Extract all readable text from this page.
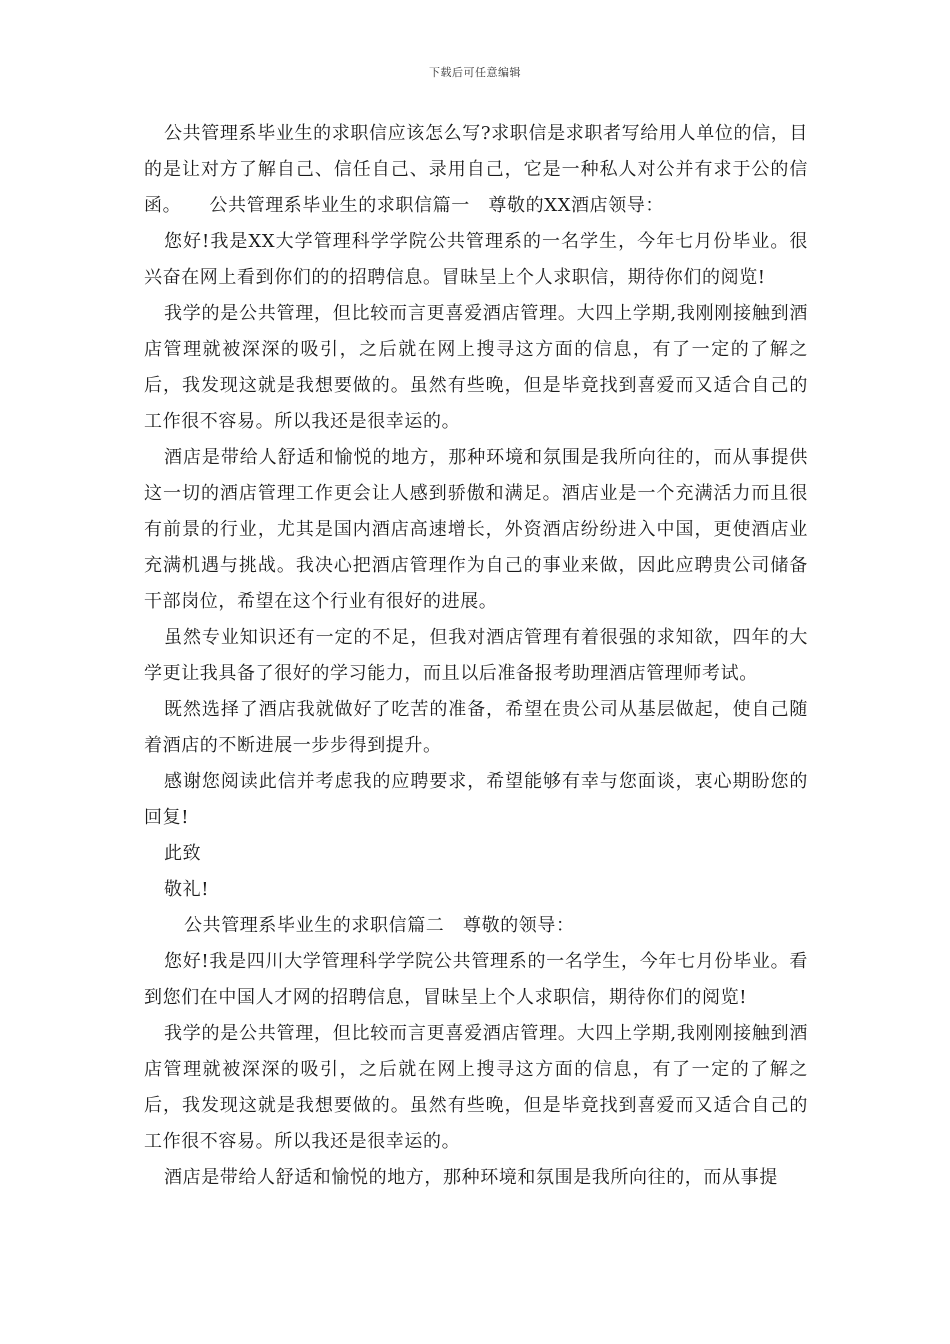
下载后可任意编辑

公共管理系毕业生的求职信应该怎么写?求职信是求职者写给用人单位的信，目的是让对方了解自己、信任自己、录用自己，它是一种私人对公并有求于公的信函。　　公共管理系毕业生的求职信篇一　尊敬的XX酒店领导：

您好!我是XX大学管理科学学院公共管理系的一名学生，今年七月份毕业。很兴奋在网上看到你们的的招聘信息。冒昧呈上个人求职信，期待你们的阅览!

我学的是公共管理，但比较而言更喜爱酒店管理。大四上学期,我刚刚接触到酒店管理就被深深的吸引，之后就在网上搜寻这方面的信息，有了一定的了解之后，我发现这就是我想要做的。虽然有些晚，但是毕竟找到喜爱而又适合自己的工作很不容易。所以我还是很幸运的。

酒店是带给人舒适和愉悦的地方，那种环境和氛围是我所向往的，而从事提供这一切的酒店管理工作更会让人感到骄傲和满足。酒店业是一个充满活力而且很有前景的行业，尤其是国内酒店高速增长，外资酒店纷纷进入中国，更使酒店业充满机遇与挑战。我决心把酒店管理作为自己的事业来做，因此应聘贵公司储备干部岗位，希望在这个行业有很好的进展。

虽然专业知识还有一定的不足，但我对酒店管理有着很强的求知欲，四年的大学更让我具备了很好的学习能力，而且以后准备报考助理酒店管理师考试。

既然选择了酒店我就做好了吃苦的准备，希望在贵公司从基层做起，使自己随着酒店的不断进展一步步得到提升。

感谢您阅读此信并考虑我的应聘要求，希望能够有幸与您面谈，衷心期盼您的回复!

此致

敬礼!

公共管理系毕业生的求职信篇二　尊敬的领导：

您好!我是四川大学管理科学学院公共管理系的一名学生，今年七月份毕业。看到您们在中国人才网的招聘信息，冒昧呈上个人求职信，期待你们的阅览!

我学的是公共管理，但比较而言更喜爱酒店管理。大四上学期,我刚刚接触到酒店管理就被深深的吸引，之后就在网上搜寻这方面的信息，有了一定的了解之后，我发现这就是我想要做的。虽然有些晚，但是毕竟找到喜爱而又适合自己的工作很不容易。所以我还是很幸运的。

酒店是带给人舒适和愉悦的地方，那种环境和氛围是我所向往的，而从事提
